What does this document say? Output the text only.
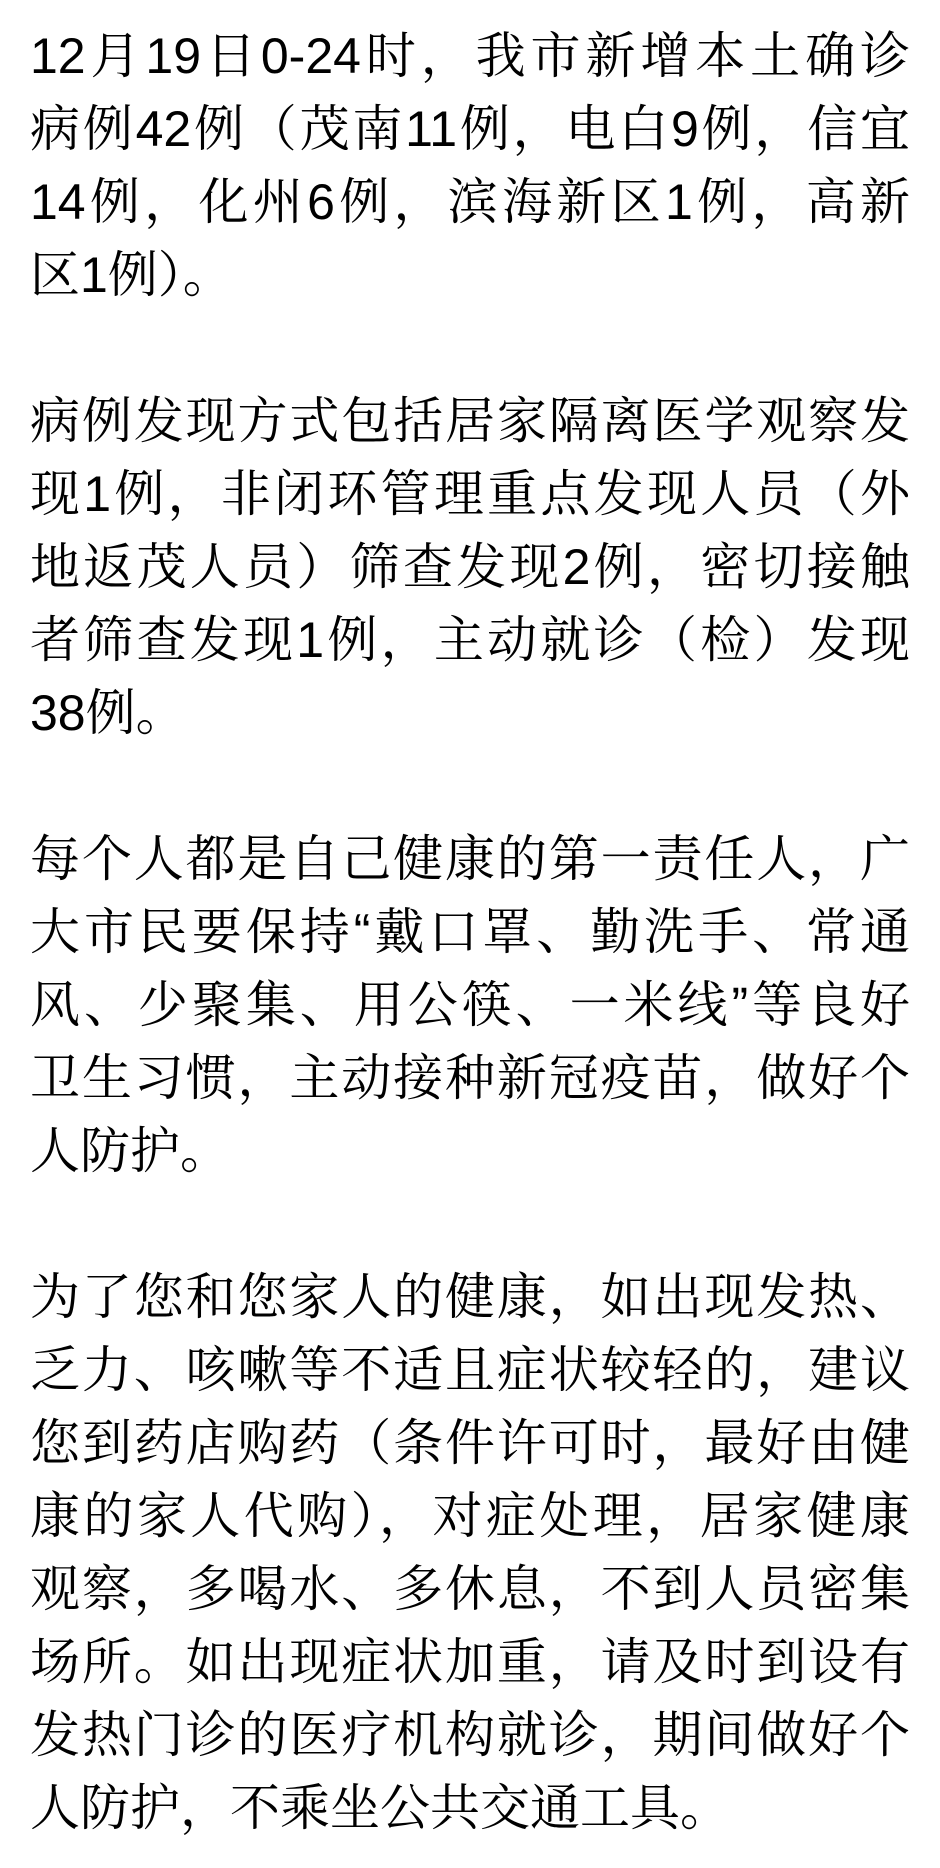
12月19日0-24时，我市新增本土确诊
病例42例（茂南11例，电白9例，信宜
14例，化州6例，滨海新区1例，高新
区1例）。
病例发现方式包括居家隔离医学观察发
现1例，非闭环管理重点发现人员（外
地返茂人员）筛查发现2例，密切接触
者筛查发现1例，主动就诊（检）发现
38例。
每个人都是自己健康的第一责任人，广
大市民要保持“戴口罩、勤洗手、常通
风、少聚集、用公筷、一米线”等良好
卫生习惯，主动接种新冠疫苗，做好个
人防护。
为了您和您家人的健康，如出现发热、
乏力、咳嗽等不适且症状较轻的，建议
您到药店购药（条件许可时，最好由健
康的家人代购），对症处理，居家健康
观察，多喝水、多休息，不到人员密集
场所。如出现症状加重，请及时到设有
发热门诊的医疗机构就诊，期间做好个
人防护，不乘坐公共交通工具。
